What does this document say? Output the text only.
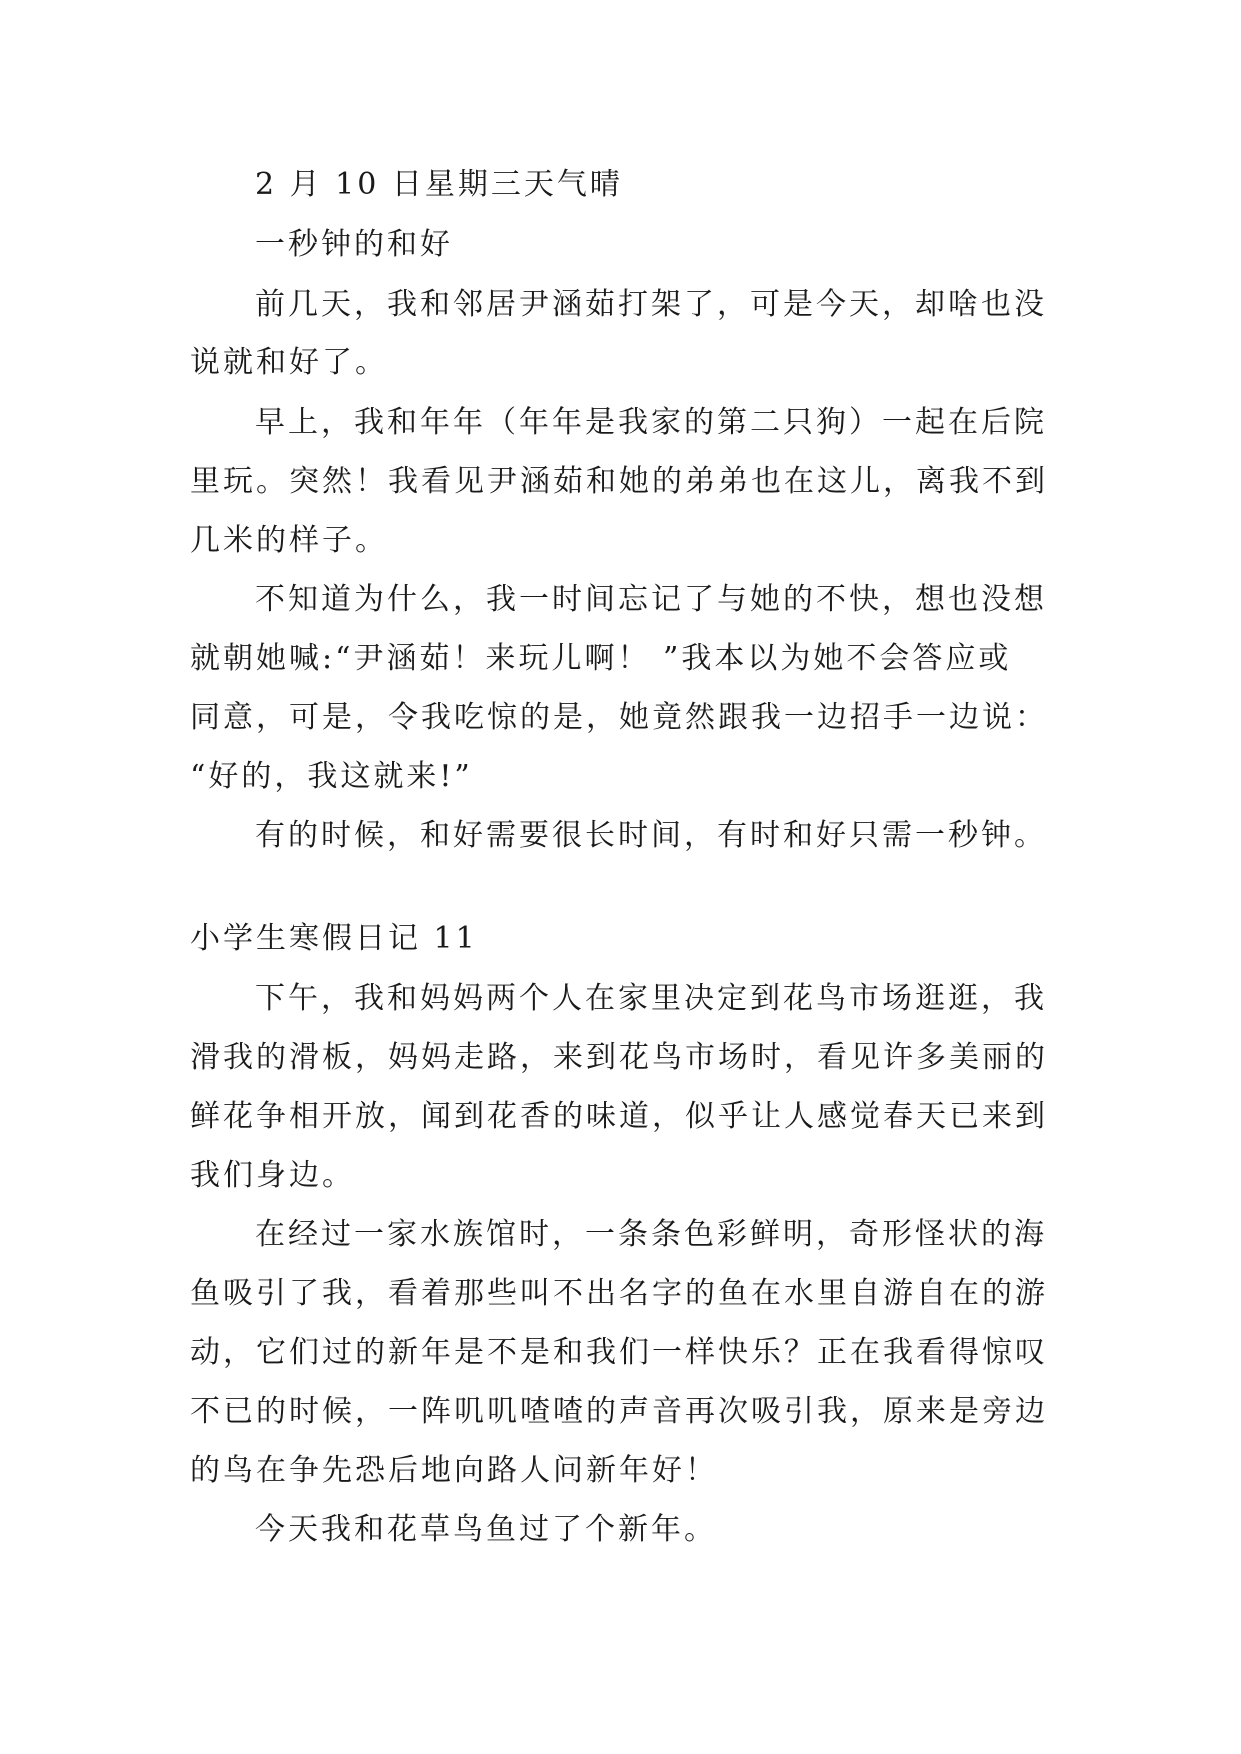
2 月 10 日星期三天气晴

一秒钟的和好

前几天，我和邻居尹涵茹打架了，可是今天，却啥也没

说就和好了。

早上，我和年年（年年是我家的第二只狗）一起在后院

里玩。突然！我看见尹涵茹和她的弟弟也在这儿，离我不到

几米的样子。

不知道为什么，我一时间忘记了与她的不快，想也没想

就朝她喊:“尹涵茹！来玩儿啊！ ”我本以为她不会答应或

同意，可是，令我吃惊的是，她竟然跟我一边招手一边说：

“好的，我这就来!”

有的时候，和好需要很长时间，有时和好只需一秒钟。

小学生寒假日记 11

下午，我和妈妈两个人在家里决定到花鸟市场逛逛，我

滑我的滑板，妈妈走路，来到花鸟市场时，看见许多美丽的

鲜花争相开放，闻到花香的味道，似乎让人感觉春天已来到

我们身边。

在经过一家水族馆时，一条条色彩鲜明，奇形怪状的海

鱼吸引了我，看着那些叫不出名字的鱼在水里自游自在的游

动，它们过的新年是不是和我们一样快乐？正在我看得惊叹

不已的时候，一阵叽叽喳喳的声音再次吸引我，原来是旁边

的鸟在争先恐后地向路人问新年好！

今天我和花草鸟鱼过了个新年。
